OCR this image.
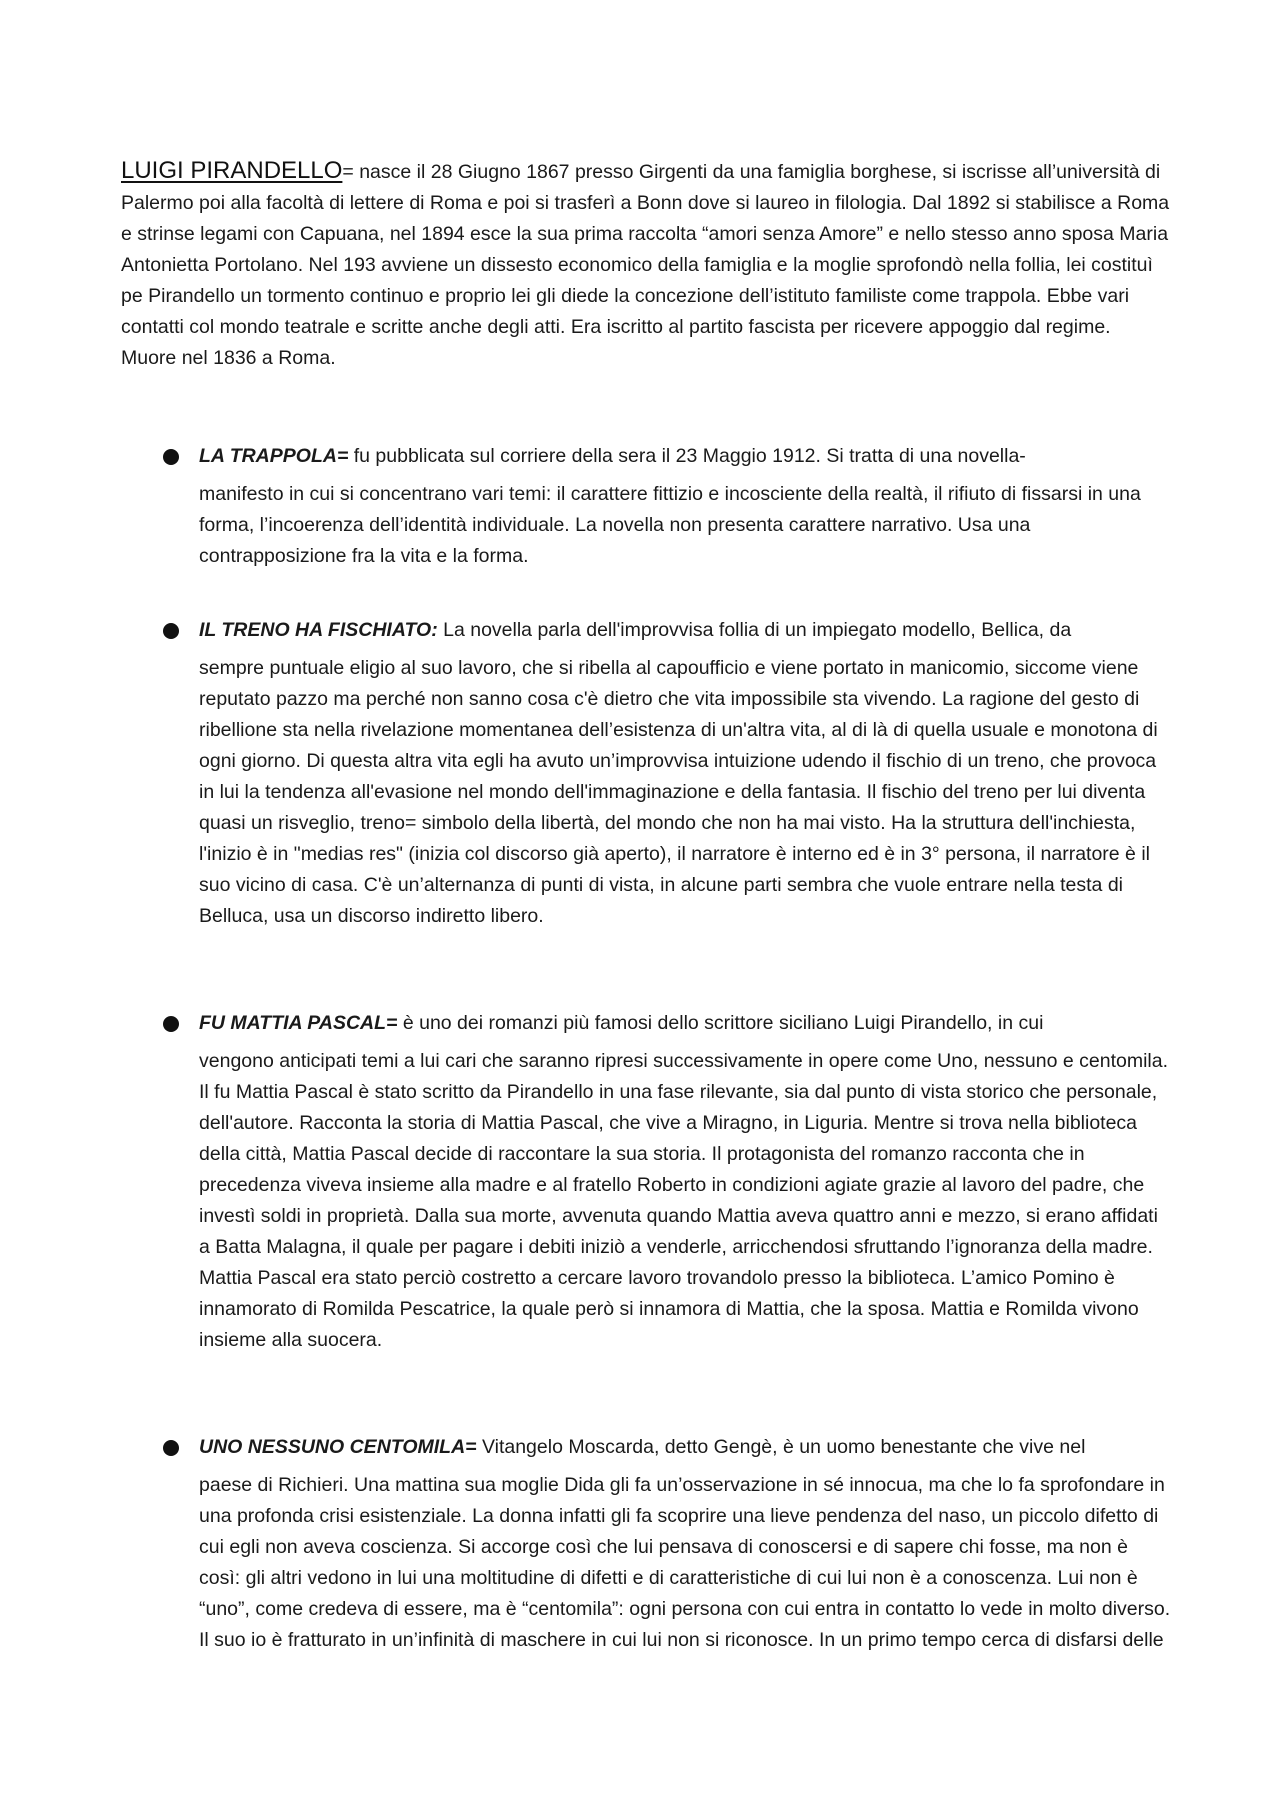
LUIGI PIRANDELLO= nasce il 28 Giugno 1867 presso Girgenti da una famiglia borghese, si iscrisse all’università di Palermo poi alla facoltà di lettere di Roma e poi si trasferì a Bonn dove si laureo in filologia. Dal 1892 si stabilisce a Roma e strinse legami con Capuana, nel 1894 esce la sua prima raccolta “amori senza Amore” e nello stesso anno sposa Maria Antonietta Portolano. Nel 193 avviene un dissesto economico della famiglia e la moglie sprofondò nella follia, lei costituì pe Pirandello un tormento continuo e proprio lei gli diede la concezione dell’istituto familiste come trappola. Ebbe vari contatti col mondo teatrale e scritte anche degli atti. Era iscritto al partito fascista per ricevere appoggio dal regime. Muore nel 1836 a Roma.

LA TRAPPOLA= fu pubblicata sul corriere della sera il 23 Maggio 1912. Si tratta di una novella-
manifesto in cui si concentrano vari temi: il carattere fittizio e incosciente della realtà, il rifiuto di fissarsi in una forma, l’incoerenza dell’identità individuale. La novella non presenta carattere narrativo. Usa una contrapposizione fra la vita e la forma.

IL TRENO HA FISCHIATO: La novella parla dell'improvvisa follia di un impiegato modello, Bellica, da
sempre puntuale eligio al suo lavoro, che si ribella al capoufficio e viene portato in manicomio, siccome viene reputato pazzo ma perché non sanno cosa c'è dietro che vita impossibile sta vivendo. La ragione del gesto di ribellione sta nella rivelazione momentanea dell’esistenza di un'altra vita, al di là di quella usuale e monotona di ogni giorno. Di questa altra vita egli ha avuto un’improvvisa intuizione udendo il fischio di un treno, che provoca in lui la tendenza all'evasione nel mondo dell'immaginazione e della fantasia. Il fischio del treno per lui diventa quasi un risveglio, treno= simbolo della libertà, del mondo che non ha mai visto. Ha la struttura dell'inchiesta, l'inizio è in "medias res" (inizia col discorso già aperto), il narratore è interno ed è in 3° persona, il narratore è il suo vicino di casa. C'è un’alternanza di punti di vista, in alcune parti sembra che vuole entrare nella testa di Belluca, usa un discorso indiretto libero.

FU MATTIA PASCAL= è uno dei romanzi più famosi dello scrittore siciliano Luigi Pirandello, in cui
vengono anticipati temi a lui cari che saranno ripresi successivamente in opere come Uno, nessuno e centomila. Il fu Mattia Pascal è stato scritto da Pirandello in una fase rilevante, sia dal punto di vista storico che personale, dell'autore. Racconta la storia di Mattia Pascal, che vive a Miragno, in Liguria. Mentre si trova nella biblioteca della città, Mattia Pascal decide di raccontare la sua storia. Il protagonista del romanzo racconta che in precedenza viveva insieme alla madre e al fratello Roberto in condizioni agiate grazie al lavoro del padre, che investì soldi in proprietà. Dalla sua morte, avvenuta quando Mattia aveva quattro anni e mezzo, si erano affidati a Batta Malagna, il quale per pagare i debiti iniziò a venderle, arricchendosi sfruttando l’ignoranza della madre. Mattia Pascal era stato perciò costretto a cercare lavoro trovandolo presso la biblioteca. L’amico Pomino è innamorato di Romilda Pescatrice, la quale però si innamora di Mattia, che la sposa. Mattia e Romilda vivono insieme alla suocera.

UNO NESSUNO CENTOMILA= Vitangelo Moscarda, detto Gengè, è un uomo benestante che vive nel
paese di Richieri. Una mattina sua moglie Dida gli fa un’osservazione in sé innocua, ma che lo fa sprofondare in una profonda crisi esistenziale. La donna infatti gli fa scoprire una lieve pendenza del naso, un piccolo difetto di cui egli non aveva coscienza. Si accorge così che lui pensava di conoscersi e di sapere chi fosse, ma non è così: gli altri vedono in lui una moltitudine di difetti e di caratteristiche di cui lui non è a conoscenza. Lui non è “uno”, come credeva di essere, ma è “centomila”: ogni persona con cui entra in contatto lo vede in molto diverso. Il suo io è fratturato in un’infinità di maschere in cui lui non si riconosce. In un primo tempo cerca di disfarsi delle
